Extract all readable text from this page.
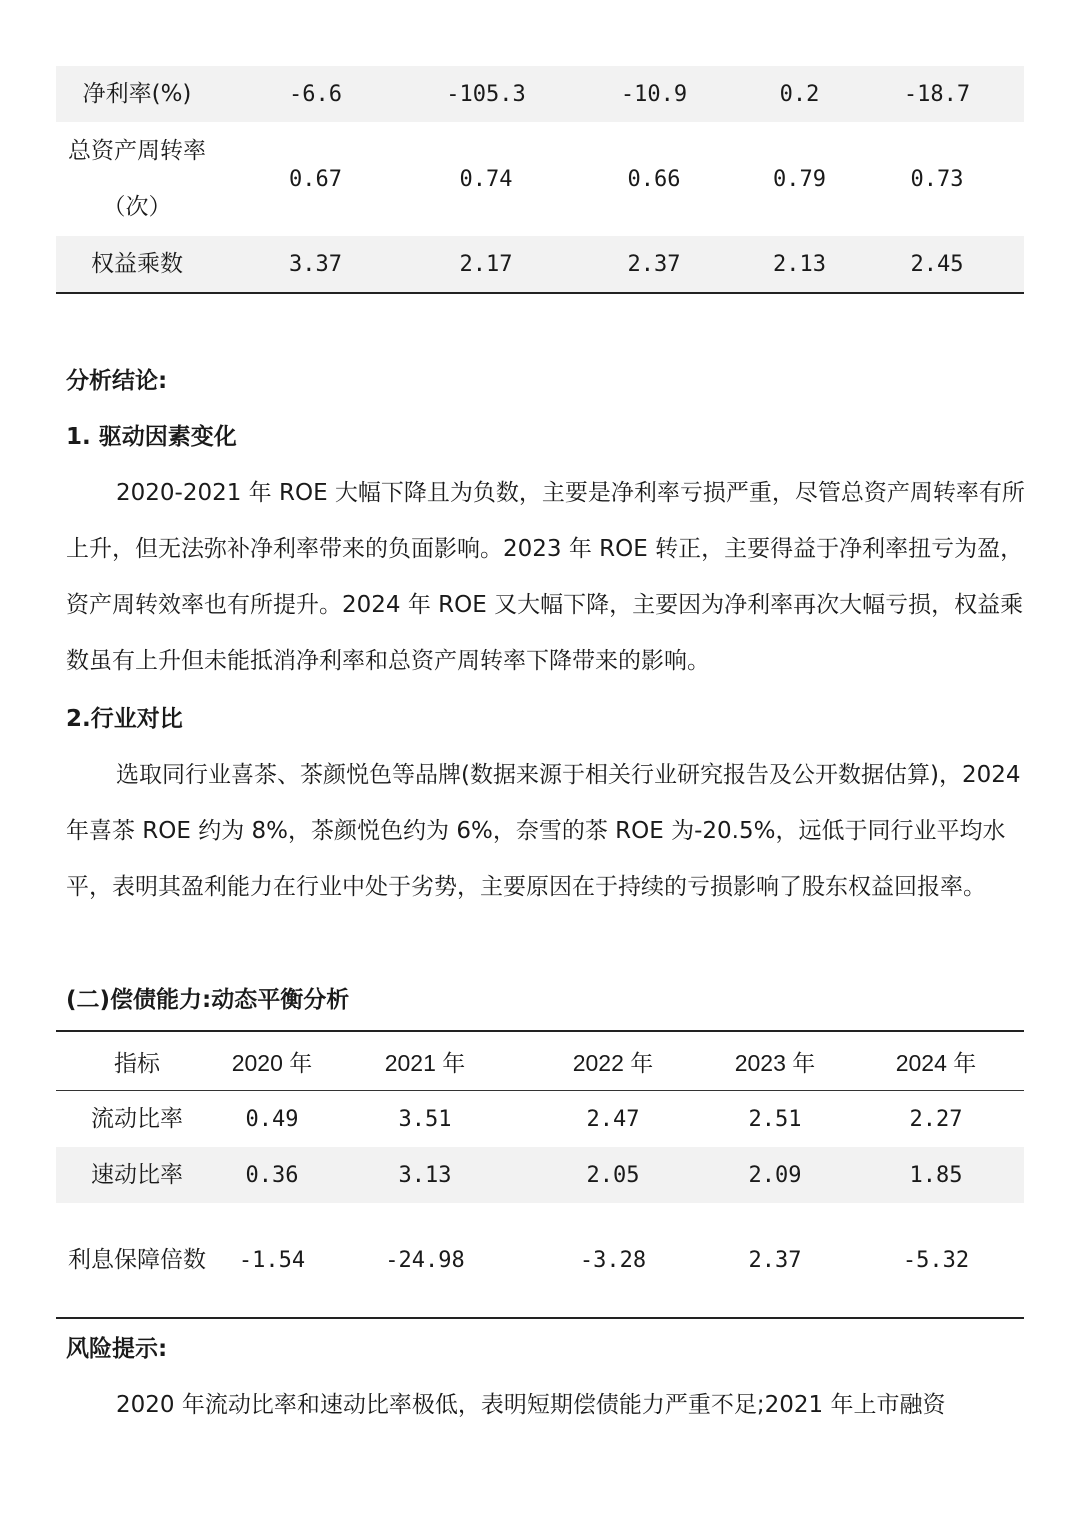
净利率(%)	-6.6	-105.3	-10.9	0.2	-18.7
总资产周转率（次）	0.67	0.74	0.66	0.79	0.73
权益乘数	3.37	2.17	2.37	2.13	2.45

分析结论:

1. 驱动因素变化

2020-2021 年 ROE 大幅下降且为负数，主要是净利率亏损严重，尽管总资产周转率有所上升，但无法弥补净利率带来的负面影响。2023 年 ROE 转正，主要得益于净利率扭亏为盈，资产周转效率也有所提升。2024 年 ROE 又大幅下降，主要因为净利率再次大幅亏损，权益乘数虽有上升但未能抵消净利率和总资产周转率下降带来的影响。

2.行业对比

选取同行业喜茶、茶颜悦色等品牌(数据来源于相关行业研究报告及公开数据估算)，2024 年喜茶 ROE 约为 8%，茶颜悦色约为 6%，奈雪的茶 ROE 为-20.5%，远低于同行业平均水平，表明其盈利能力在行业中处于劣势，主要原因在于持续的亏损影响了股东权益回报率。

(二)偿债能力:动态平衡分析

指标	2020 年	2021 年	2022 年	2023 年	2024 年
流动比率	0.49	3.51	2.47	2.51	2.27
速动比率	0.36	3.13	2.05	2.09	1.85
利息保障倍数	-1.54	-24.98	-3.28	2.37	-5.32

风险提示:

2020 年流动比率和速动比率极低，表明短期偿债能力严重不足;2021 年上市融资
